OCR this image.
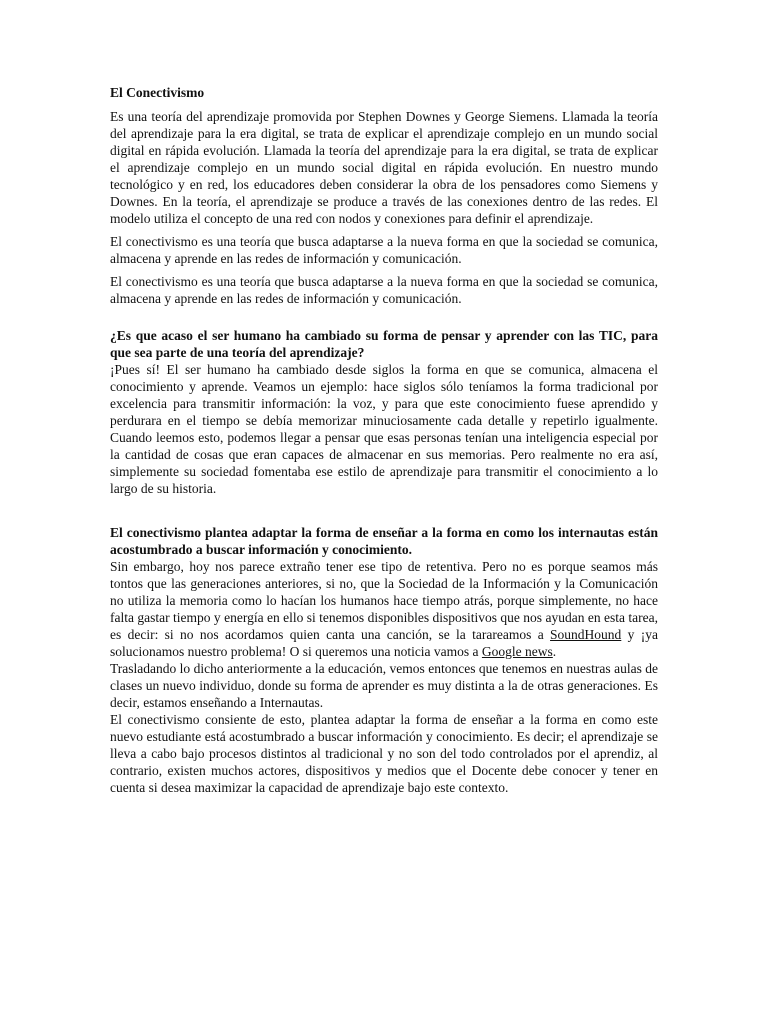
El Conectivismo

Es una teoría del aprendizaje promovida por Stephen Downes y George Siemens. Llamada la teoría del aprendizaje para la era digital, se trata de explicar el aprendizaje complejo en un mundo social digital en rápida evolución. Llamada la teoría del aprendizaje para la era digital, se trata de explicar el aprendizaje complejo en un mundo social digital en rápida evolución. En nuestro mundo tecnológico y en red, los educadores deben considerar la obra de los pensadores como Siemens y Downes. En la teoría, el aprendizaje se produce a través de las conexiones dentro de las redes. El modelo utiliza el concepto de una red con nodos y conexiones para definir el aprendizaje.

El conectivismo es una teoría que busca adaptarse a la nueva forma en que la sociedad se comunica, almacena y aprende en las redes de información y comunicación.

El conectivismo es una teoría que busca adaptarse a la nueva forma en que la sociedad se comunica, almacena y aprende en las redes de información y comunicación.

¿Es que acaso el ser humano ha cambiado su forma de pensar y aprender con las TIC, para que sea parte de una teoría del aprendizaje?

¡Pues sí! El ser humano ha cambiado desde siglos la forma en que se comunica, almacena el conocimiento y aprende. Veamos un ejemplo: hace siglos sólo teníamos la forma tradicional por excelencia para transmitir información: la voz, y para que este conocimiento fuese aprendido y perdurara en el tiempo se debía memorizar minuciosamente cada detalle y repetirlo igualmente. Cuando leemos esto, podemos llegar a pensar que esas personas tenían una inteligencia especial por la cantidad de cosas que eran capaces de almacenar en sus memorias. Pero realmente no era así, simplemente su sociedad fomentaba ese estilo de aprendizaje para transmitir el conocimiento a lo largo de su historia.

El conectivismo plantea adaptar la forma de enseñar a la forma en como los internautas están acostumbrado a buscar información y conocimiento.

Sin embargo, hoy nos parece extraño tener ese tipo de retentiva. Pero no es porque seamos más tontos que las generaciones anteriores, si no, que la Sociedad de la Información y la Comunicación no utiliza la memoria como lo hacían los humanos hace tiempo atrás, porque simplemente, no hace falta gastar tiempo y energía en ello si tenemos disponibles dispositivos que nos ayudan en esta tarea, es decir: si no nos acordamos quien canta una canción, se la tarareamos a SoundHound y ¡ya solucionamos nuestro problema! O si queremos una noticia vamos a Google news.

Trasladando lo dicho anteriormente a la educación, vemos entonces que tenemos en nuestras aulas de clases un nuevo individuo, donde su forma de aprender es muy distinta a la de otras generaciones. Es decir, estamos enseñando a Internautas.

El conectivismo consiente de esto, plantea adaptar la forma de enseñar a la forma en como este nuevo estudiante está acostumbrado a buscar información y conocimiento. Es decir; el aprendizaje se lleva a cabo bajo procesos distintos al tradicional y no son del todo controlados por el aprendiz, al contrario, existen muchos actores, dispositivos y medios que el Docente debe conocer y tener en cuenta si desea maximizar la capacidad de aprendizaje bajo este contexto.
